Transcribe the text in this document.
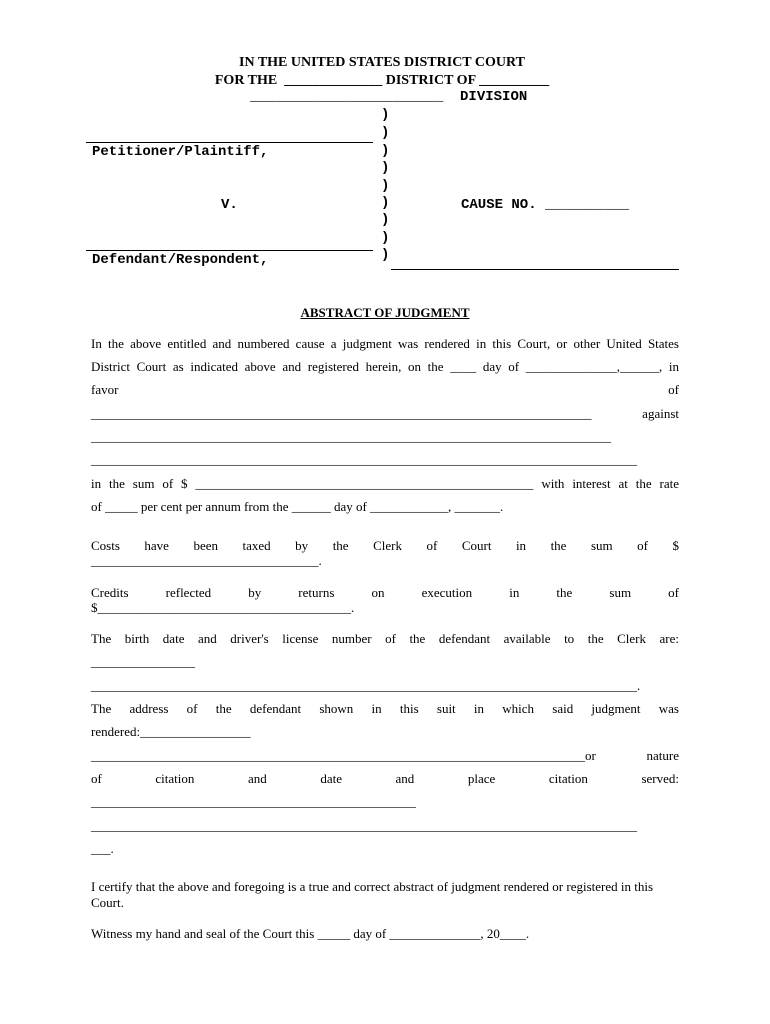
IN THE UNITED STATES DISTRICT COURT
FOR THE  ______________ DISTRICT OF __________
_______________________  DIVISION
Petitioner/Plaintiff,
V.
Defendant/Respondent,
CAUSE NO. __________
)
)
)
)
)
)
)
)
)
ABSTRACT OF JUDGMENT
In the above entitled and numbered cause a judgment was rendered in this Court, or other United States
District Court as indicated above and registered herein, on the ____ day of ______________,______, in
favor of
_____________________________________________________________________________ against
________________________________________________________________________________
____________________________________________________________________________________
in the sum of $ ____________________________________________________ with interest at the rate
of _____ per cent per annum from the ______ day of ____________, _______.
Costs have been taxed by the Clerk of Court in the sum of $
___________________________________.
Credits reflected by returns on execution in the sum of
$_______________________________________.
The birth date and driver's license number of the defendant available to the Clerk are:
________________
____________________________________________________________________________________.
The address of the defendant shown in this suit in which said judgment was
rendered:_________________
____________________________________________________________________________or nature
of citation and date and place citation served:
__________________________________________________
____________________________________________________________________________________
___.
I certify that the above and foregoing is a true and correct abstract of judgment rendered or registered in this Court.
Witness my hand and seal of the Court this _____ day of ______________, 20____.
